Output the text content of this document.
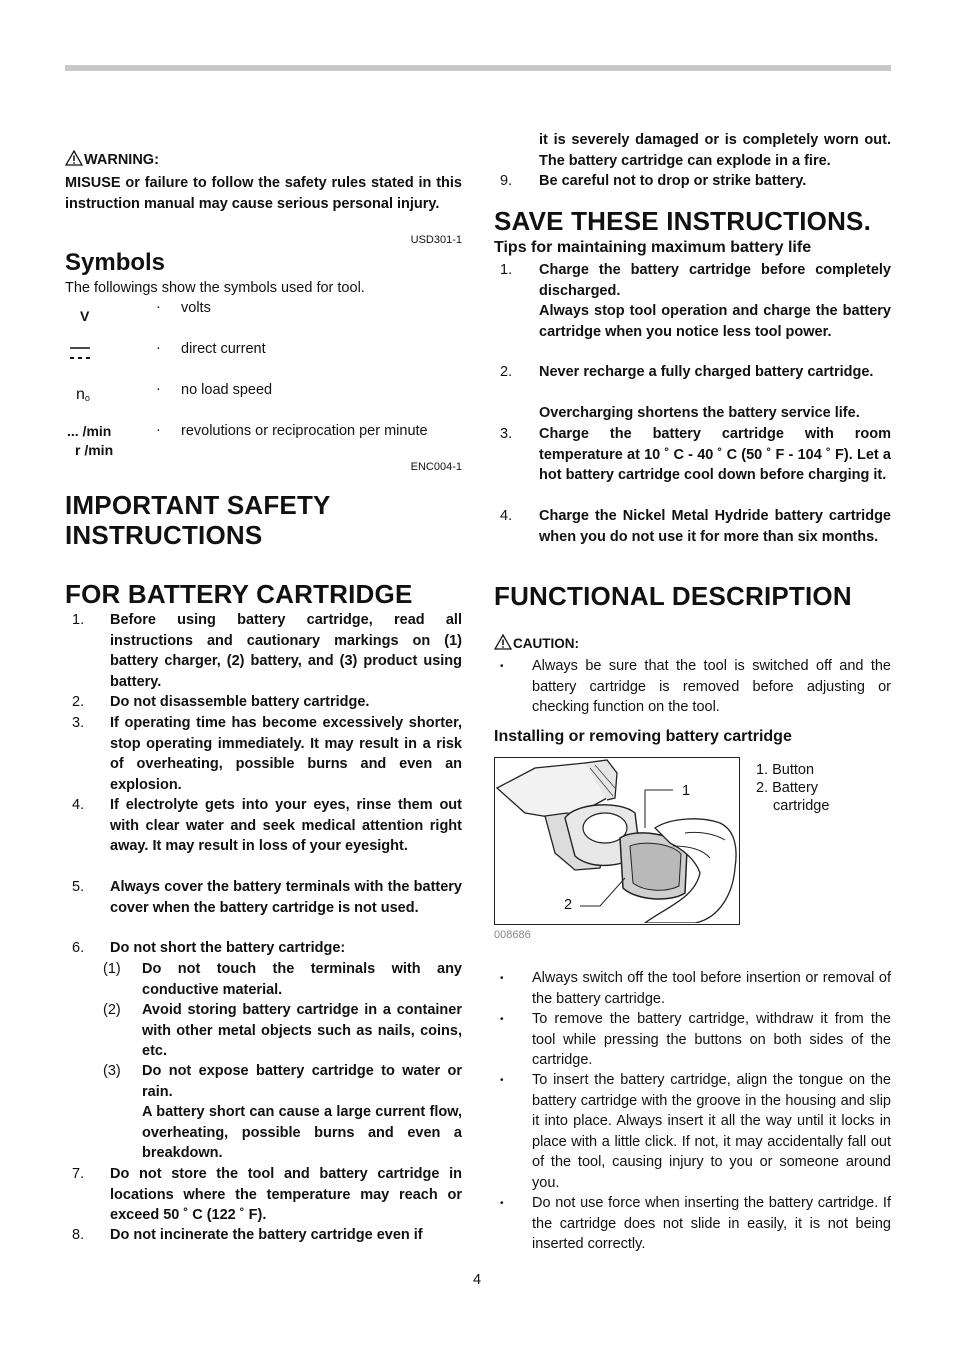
WARNING:
MISUSE or failure to follow the safety rules stated in this instruction manual may cause serious personal injury.
USD301-1
Symbols
The followings show the symbols used for tool.
V
· volts
· direct current
no
· no load speed
... /min
r /min
· revolutions or reciprocation per minute
ENC004-1
IMPORTANT SAFETY
INSTRUCTIONS
FOR BATTERY CARTRIDGE
1. Before using battery cartridge, read all instructions and cautionary markings on (1) battery charger, (2) battery, and (3) product using battery.
2. Do not disassemble battery cartridge.
3. If operating time has become excessively shorter, stop operating immediately. It may result in a risk of overheating, possible burns and even an explosion.
4. If electrolyte gets into your eyes, rinse them out with clear water and seek medical attention right away. It may result in loss of your eyesight.
5. Always cover the battery terminals with the battery cover when the battery cartridge is not used.
6. Do not short the battery cartridge:
(1) Do not touch the terminals with any conductive material.
(2) Avoid storing battery cartridge in a container with other metal objects such as nails, coins, etc.
(3) Do not expose battery cartridge to water or rain.
A battery short can cause a large current flow, overheating, possible burns and even a breakdown.
7. Do not store the tool and battery cartridge in locations where the temperature may reach or exceed 50 ˚ C (122 ˚ F).
8. Do not incinerate the battery cartridge even if
it is severely damaged or is completely worn out. The battery cartridge can explode in a fire.
9. Be careful not to drop or strike battery.
SAVE THESE INSTRUCTIONS.
Tips for maintaining maximum battery life
1. Charge the battery cartridge before completely discharged.
Always stop tool operation and charge the battery cartridge when you notice less tool power.
2. Never recharge a fully charged battery cartridge.
Overcharging shortens the battery service life.
3. Charge the battery cartridge with room temperature at 10 ˚ C - 40 ˚ C (50 ˚ F - 104 ˚ F). Let a hot battery cartridge cool down before charging it.
4. Charge the Nickel Metal Hydride battery cartridge when you do not use it for more than six months.
FUNCTIONAL DESCRIPTION
CAUTION:
• Always be sure that the tool is switched off and the battery cartridge is removed before adjusting or checking function on the tool.
Installing or removing battery cartridge
1
2
008686
1. Button
2. Battery
cartridge
• Always switch off the tool before insertion or removal of the battery cartridge.
• To remove the battery cartridge, withdraw it from the tool while pressing the buttons on both sides of the cartridge.
• To insert the battery cartridge, align the tongue on the battery cartridge with the groove in the housing and slip it into place. Always insert it all the way until it locks in place with a little click. If not, it may accidentally fall out of the tool, causing injury to you or someone around you.
• Do not use force when inserting the battery cartridge. If the cartridge does not slide in easily, it is not being inserted correctly.
4
